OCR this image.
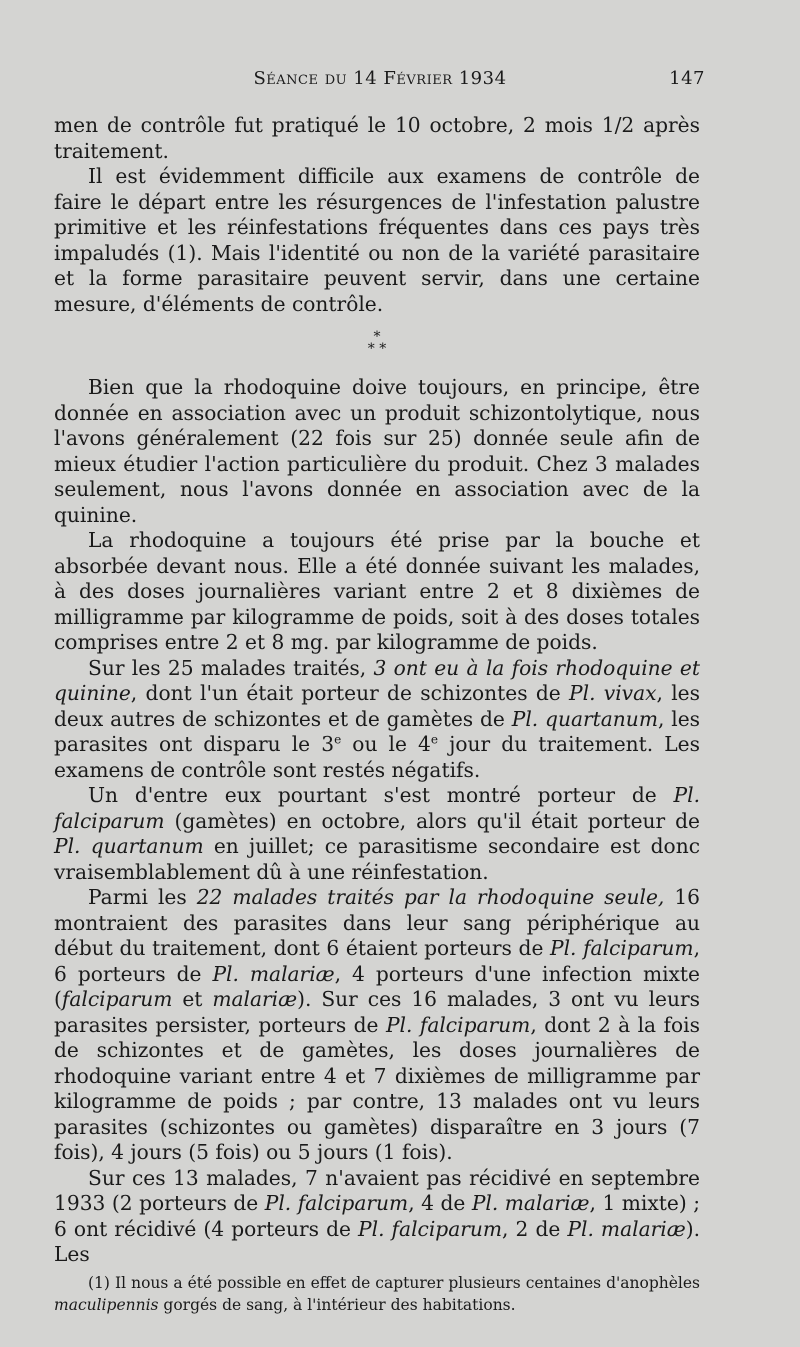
Séance du 14 Février 1934	147

men de contrôle fut pratiqué le 10 octobre, 2 mois 1/2 après traitement.

Il est évidemment difficile aux examens de contrôle de faire le départ entre les résurgences de l'infestation palustre primitive et les réinfestations fréquentes dans ces pays très impaludés (1). Mais l'identité ou non de la variété parasitaire et la forme parasitaire peuvent servir, dans une certaine mesure, d'éléments de contrôle.

*
* *

Bien que la rhodoquine doive toujours, en principe, être donnée en association avec un produit schizontolytique, nous l'avons généralement (22 fois sur 25) donnée seule afin de mieux étudier l'action particulière du produit. Chez 3 malades seulement, nous l'avons donnée en association avec de la quinine.

La rhodoquine a toujours été prise par la bouche et absorbée devant nous. Elle a été donnée suivant les malades, à des doses journalières variant entre 2 et 8 dixièmes de milligramme par kilogramme de poids, soit à des doses totales comprises entre 2 et 8 mg. par kilogramme de poids.

Sur les 25 malades traités, 3 ont eu à la fois rhodoquine et quinine, dont l'un était porteur de schizontes de Pl. vivax, les deux autres de schizontes et de gamètes de Pl. quartanum, les parasites ont disparu le 3e ou le 4e jour du traitement. Les examens de contrôle sont restés négatifs.

Un d'entre eux pourtant s'est montré porteur de Pl. falciparum (gamètes) en octobre, alors qu'il était porteur de Pl. quartanum en juillet; ce parasitisme secondaire est donc vraisemblablement dû à une réinfestation.

Parmi les 22 malades traités par la rhodoquine seule, 16 montraient des parasites dans leur sang périphérique au début du traitement, dont 6 étaient porteurs de Pl. falciparum, 6 porteurs de Pl. malariæ, 4 porteurs d'une infection mixte (falciparum et malariæ). Sur ces 16 malades, 3 ont vu leurs parasites persister, porteurs de Pl. falciparum, dont 2 à la fois de schizontes et de gamètes, les doses journalières de rhodoquine variant entre 4 et 7 dixièmes de milligramme par kilogramme de poids ; par contre, 13 malades ont vu leurs parasites (schizontes ou gamètes) disparaître en 3 jours (7 fois), 4 jours (5 fois) ou 5 jours (1 fois).

Sur ces 13 malades, 7 n'avaient pas récidivé en septembre 1933 (2 porteurs de Pl. falciparum, 4 de Pl. malariæ, 1 mixte) ; 6 ont récidivé (4 porteurs de Pl. falciparum, 2 de Pl. malariæ). Les

(1) Il nous a été possible en effet de capturer plusieurs centaines d'anophèles maculipennis gorgés de sang, à l'intérieur des habitations.
